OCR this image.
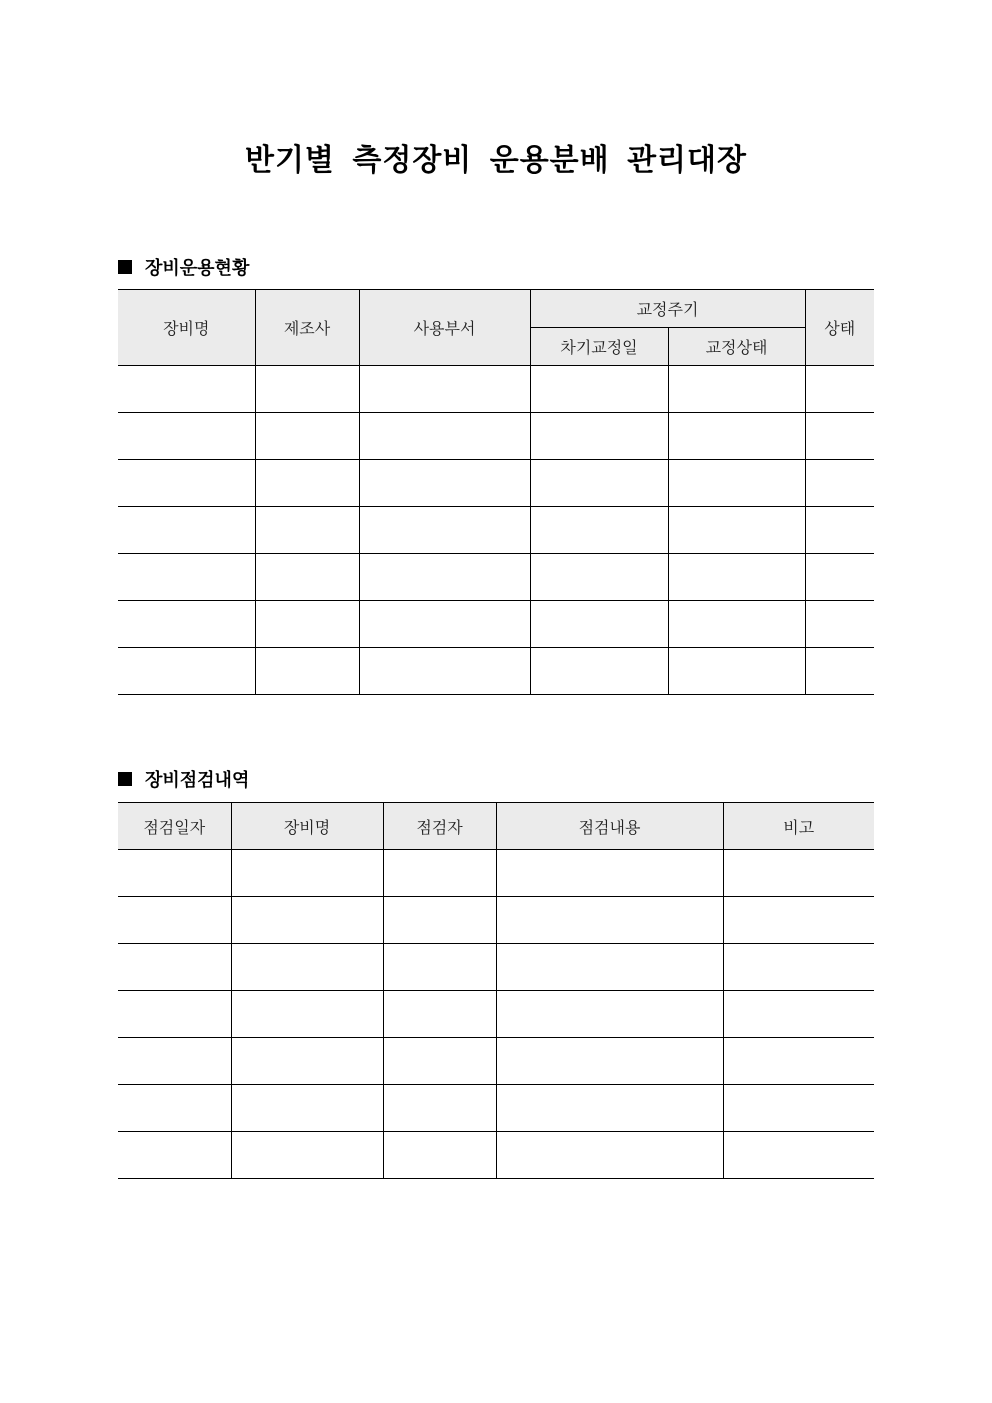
반기별 측정장비 운용분배 관리대장
장비운용현황
장비명	제조사	사용부서	교정주기		상태
			차기교정일	교정상태	

장비점검내역
점검일자	장비명	점검자	점검내용	비고
